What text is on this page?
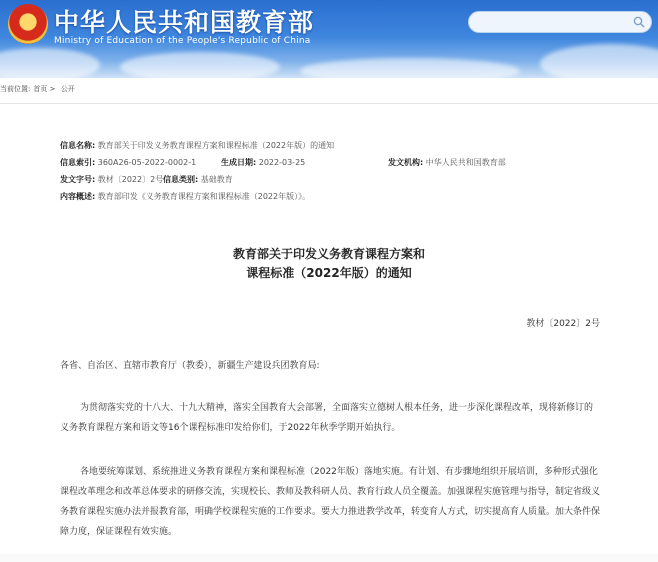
中华人民共和国教育部
Ministry of Education of the People's Republic of China
当前位置: 首页 > 公开
信息名称: 教育部关于印发义务教育课程方案和课程标准（2022年版）的通知
信息索引: 360A26-05-2022-0002-1	生成日期: 2022-03-25	发文机构: 中华人民共和国教育部
发文字号: 教材〔2022〕2号 信息类别: 基础教育
内容概述: 教育部印发《义务教育课程方案和课程标准（2022年版）》。
教育部关于印发义务教育课程方案和
课程标准（2022年版）的通知
教材〔2022〕2号

各省、自治区、直辖市教育厅（教委），新疆生产建设兵团教育局:

为贯彻落实党的十八大、十九大精神，落实全国教育大会部署，全面落实立德树人根本任务，进一步深化课程改革，现将新修订的义务教育课程方案和语文等16个课程标准印发给你们，于2022年秋季学期开始执行。

各地要统筹谋划、系统推进义务教育课程方案和课程标准（2022年版）落地实施。有计划、有步骤地组织开展培训，多种形式强化课程改革理念和改革总体要求的研修交流，实现校长、教师及教科研人员、教育行政人员全覆盖。加强课程实施管理与指导，制定省级义务教育课程实施办法并报教育部，明确学校课程实施的工作要求。要大力推进教学改革，转变育人方式，切实提高育人质量。加大条件保障力度，保证课程有效实施。
